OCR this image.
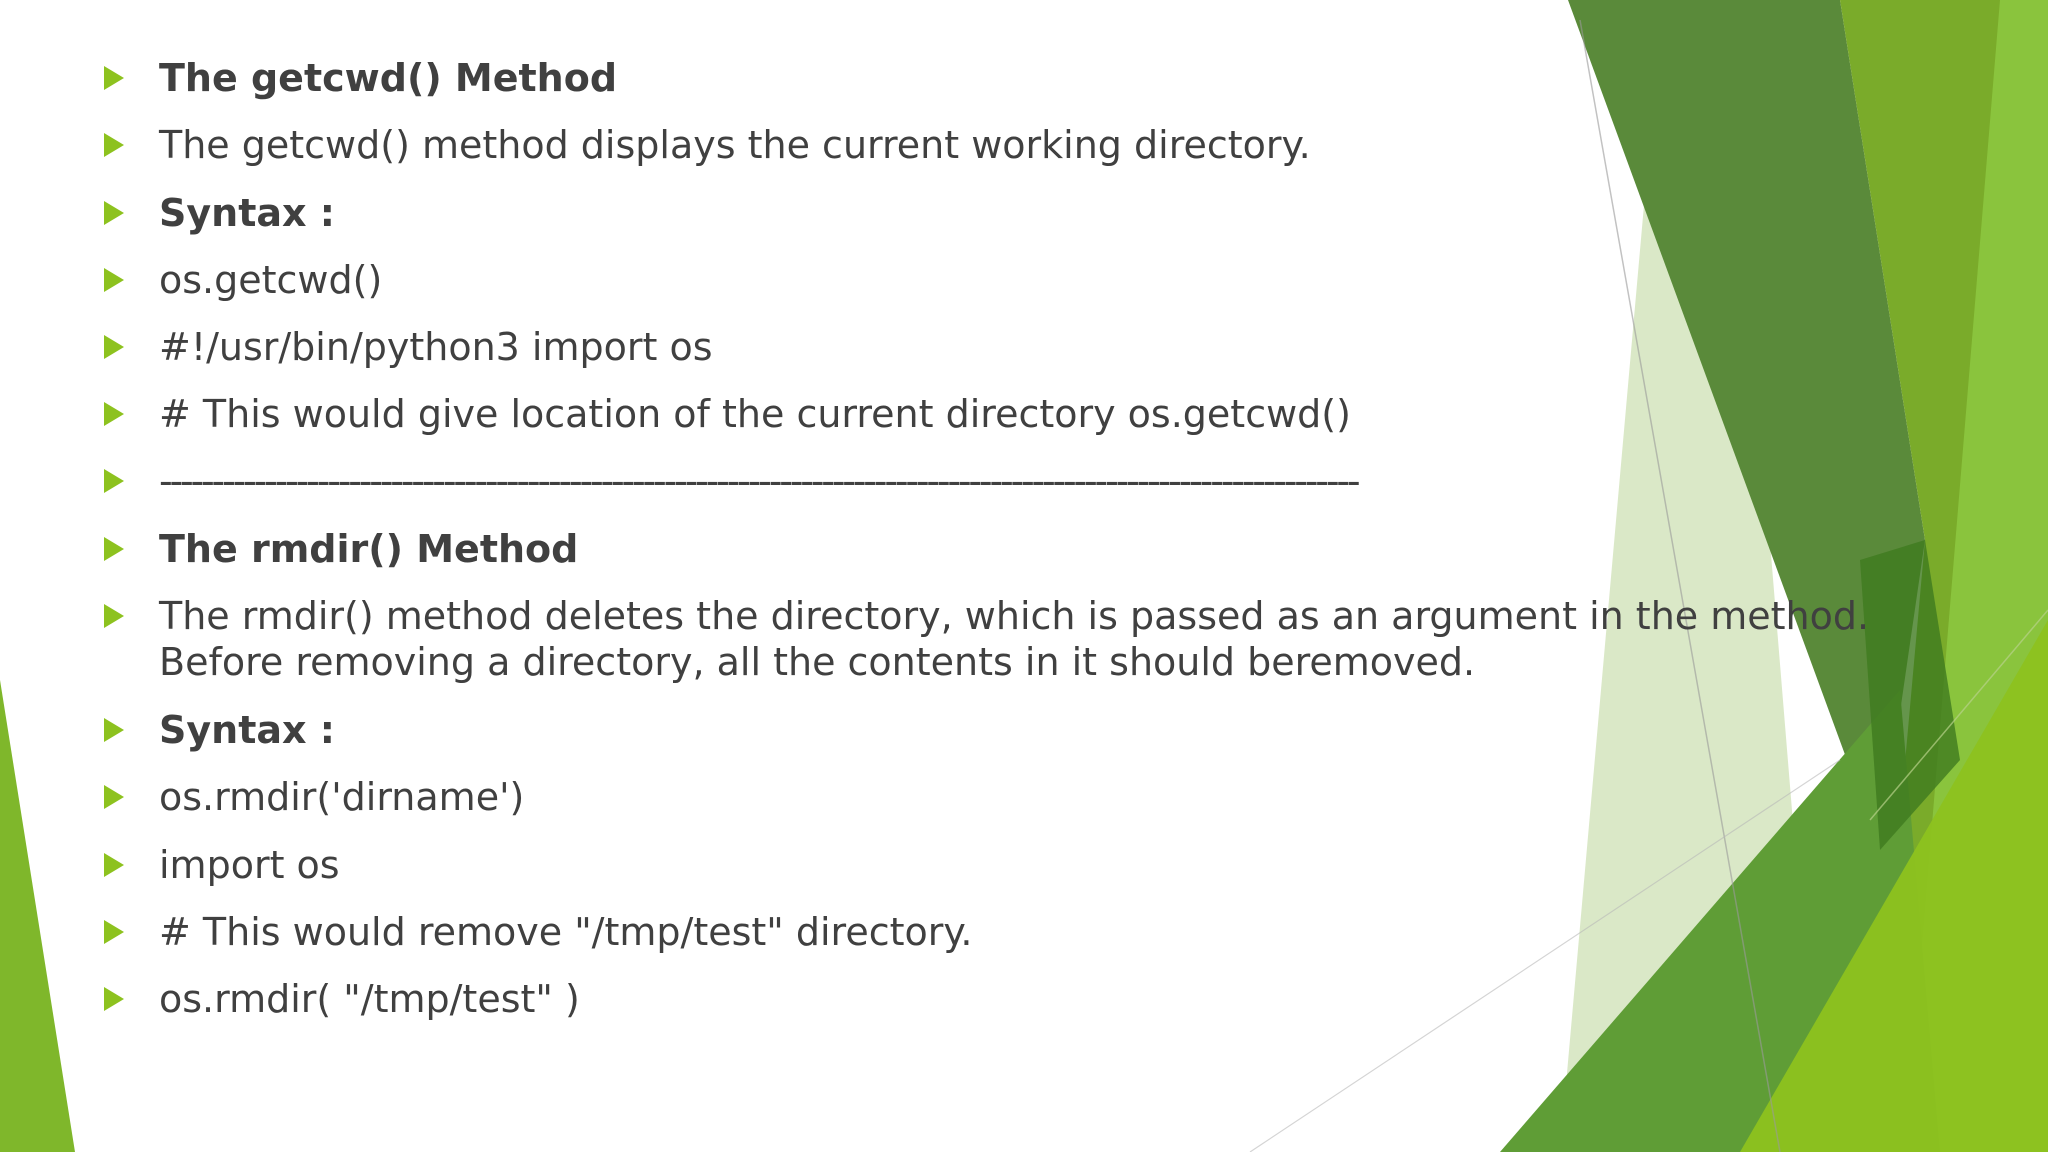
The getcwd() Method
The getcwd() method displays the current working directory.
Syntax :
os.getcwd()
#!/usr/bin/python3 import os
# This would give location of the current directory os.getcwd()
------------------------------------------------------------------------------------------------------------------
The rmdir() Method
The rmdir() method deletes the directory, which is passed as an argument in the method.
Before removing a directory, all the contents in it should beremoved.
Syntax :
os.rmdir('dirname')
import os
# This would remove "/tmp/test" directory.
os.rmdir( "/tmp/test" )
